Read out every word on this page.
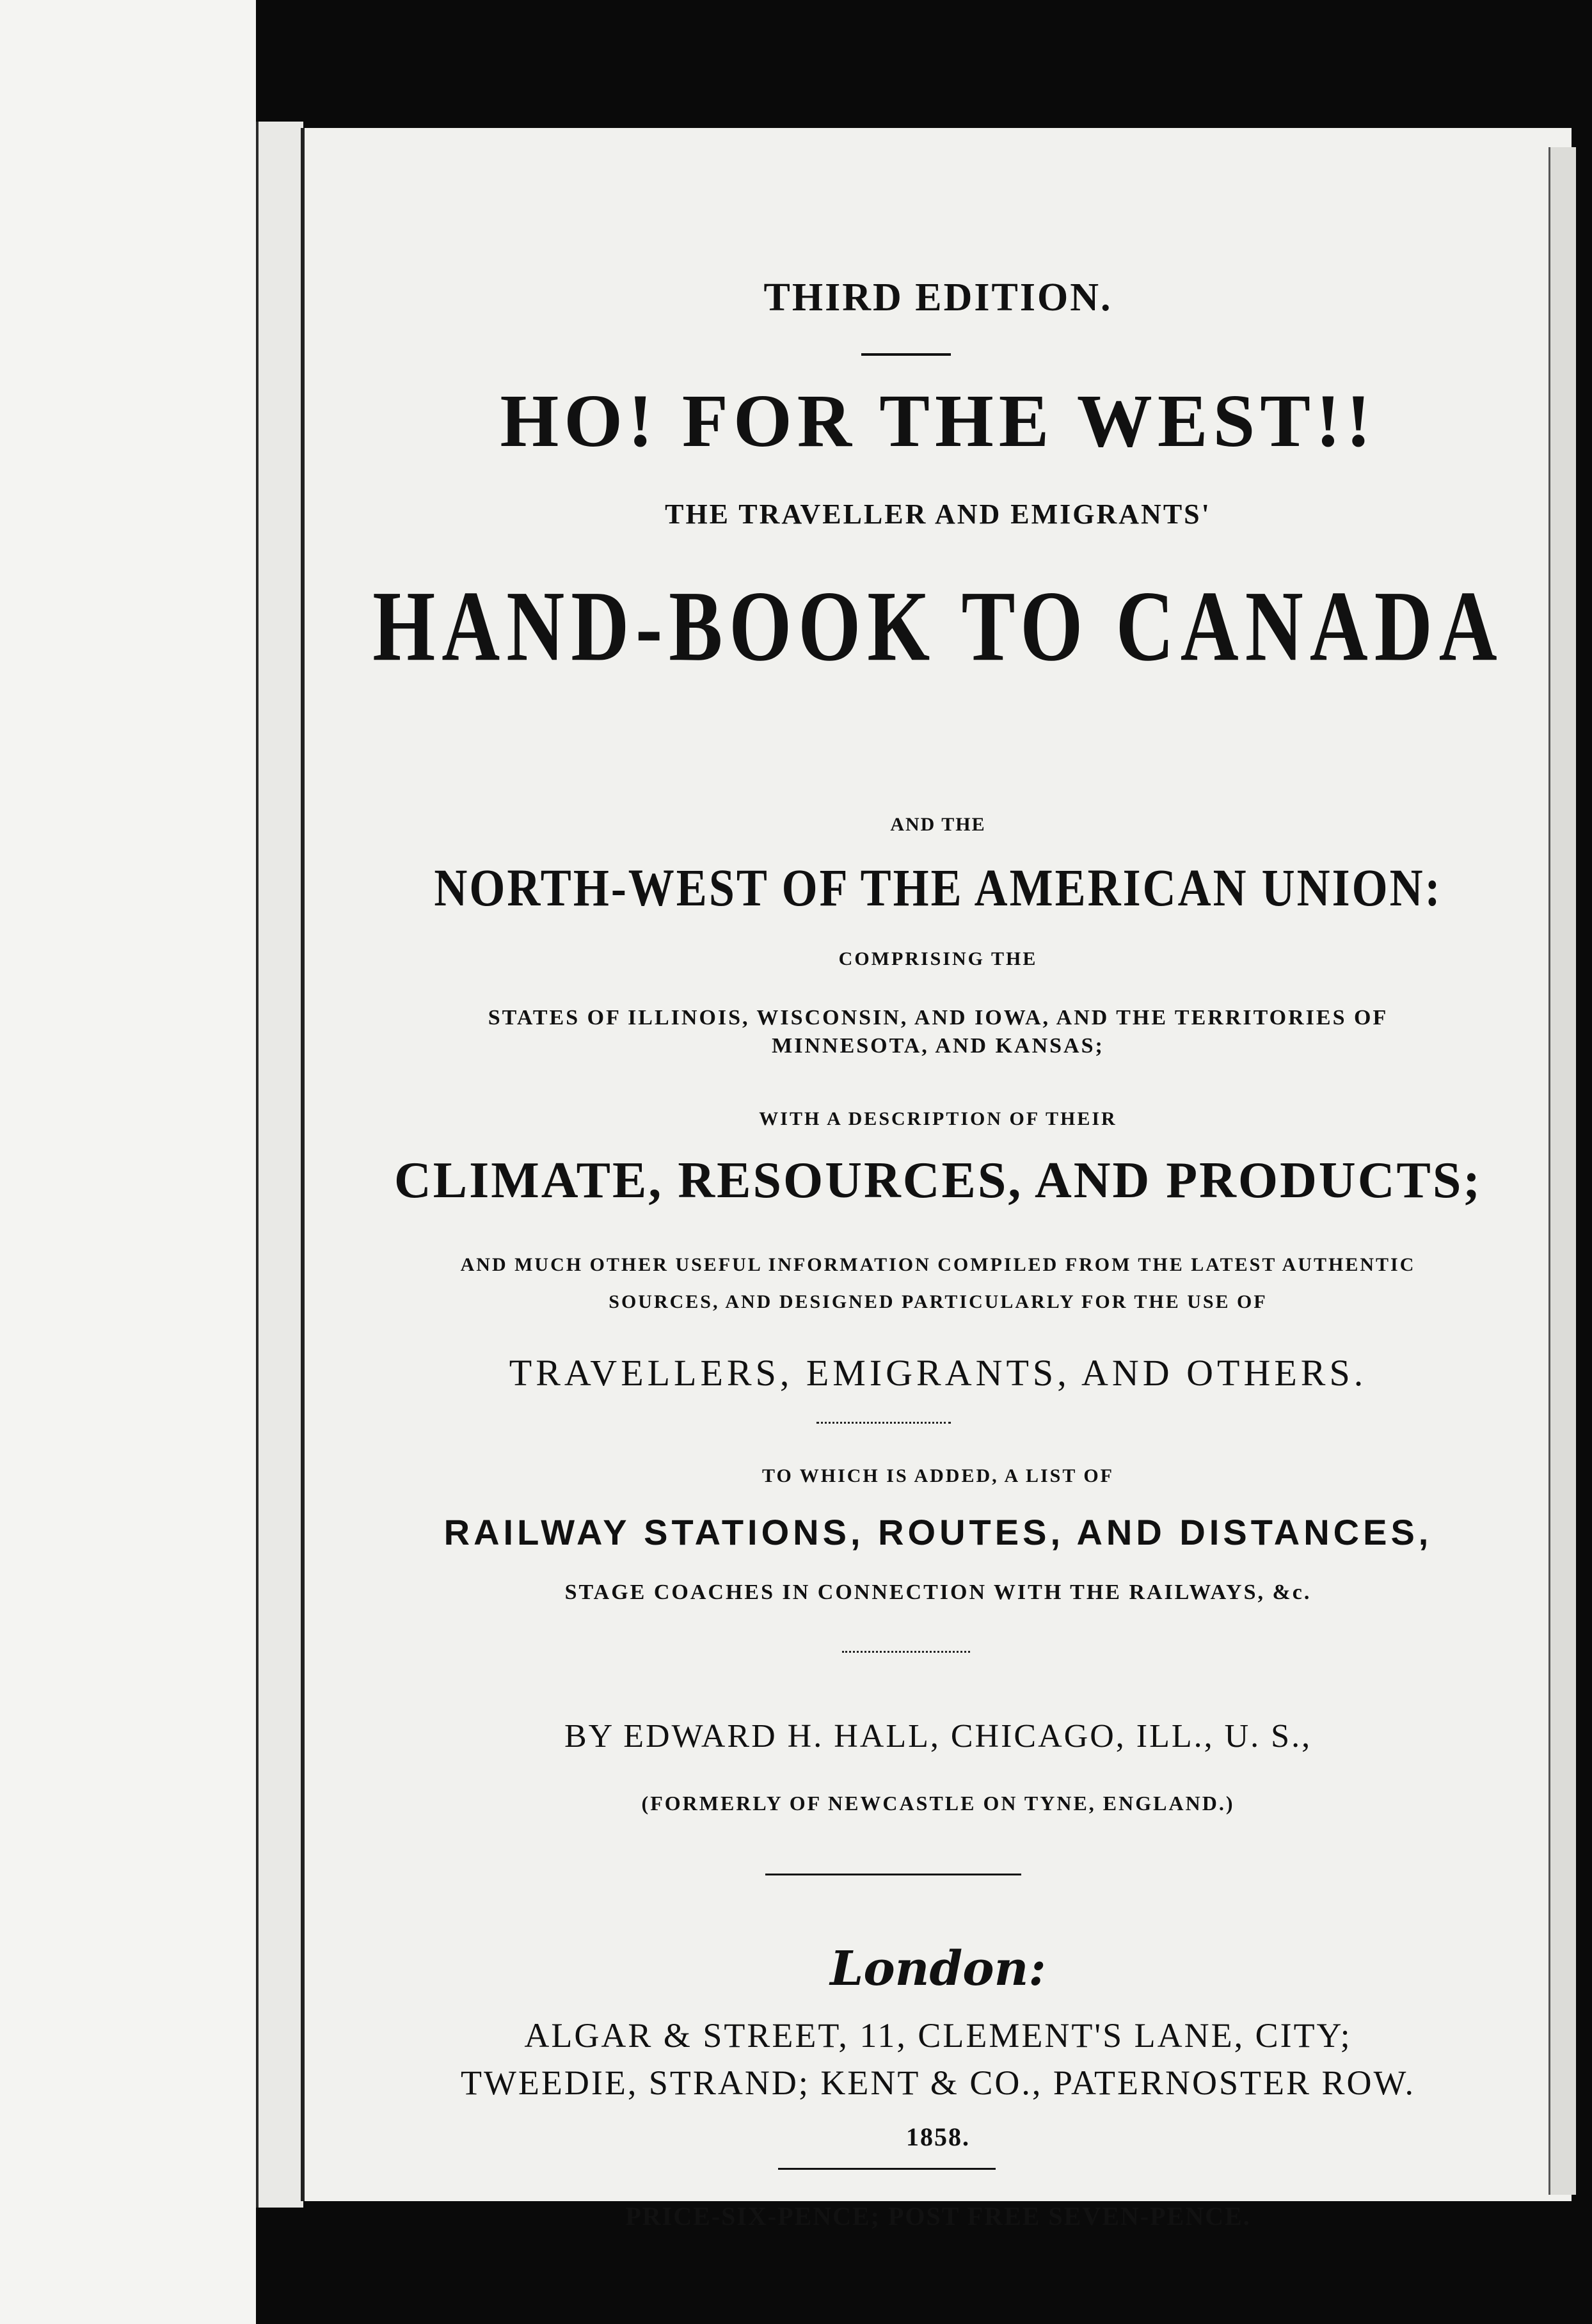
THIRD EDITION.
HO! FOR THE WEST!!
THE TRAVELLER AND EMIGRANTS'
HAND-BOOK TO CANADA
AND THE
NORTH-WEST OF THE AMERICAN UNION:
COMPRISING THE
STATES OF ILLINOIS, WISCONSIN, AND IOWA, AND THE TERRITORIES OF
MINNESOTA, AND KANSAS;
WITH A DESCRIPTION OF THEIR
CLIMATE, RESOURCES, AND PRODUCTS;
AND MUCH OTHER USEFUL INFORMATION COMPILED FROM THE LATEST AUTHENTIC
SOURCES, AND DESIGNED PARTICULARLY FOR THE USE OF
TRAVELLERS, EMIGRANTS, AND OTHERS.
TO WHICH IS ADDED, A LIST OF
RAILWAY STATIONS, ROUTES, AND DISTANCES,
STAGE COACHES IN CONNECTION WITH THE RAILWAYS, &c.
BY EDWARD H. HALL, CHICAGO, ILL., U. S.,
(FORMERLY OF NEWCASTLE ON TYNE, ENGLAND.)
London:
ALGAR & STREET, 11, CLEMENT'S LANE, CITY;
TWEEDIE, STRAND; KENT & CO., PATERNOSTER ROW.
1858.
PRICE-SIX-PENCE; POST FREE SEVEN-PENCE.
